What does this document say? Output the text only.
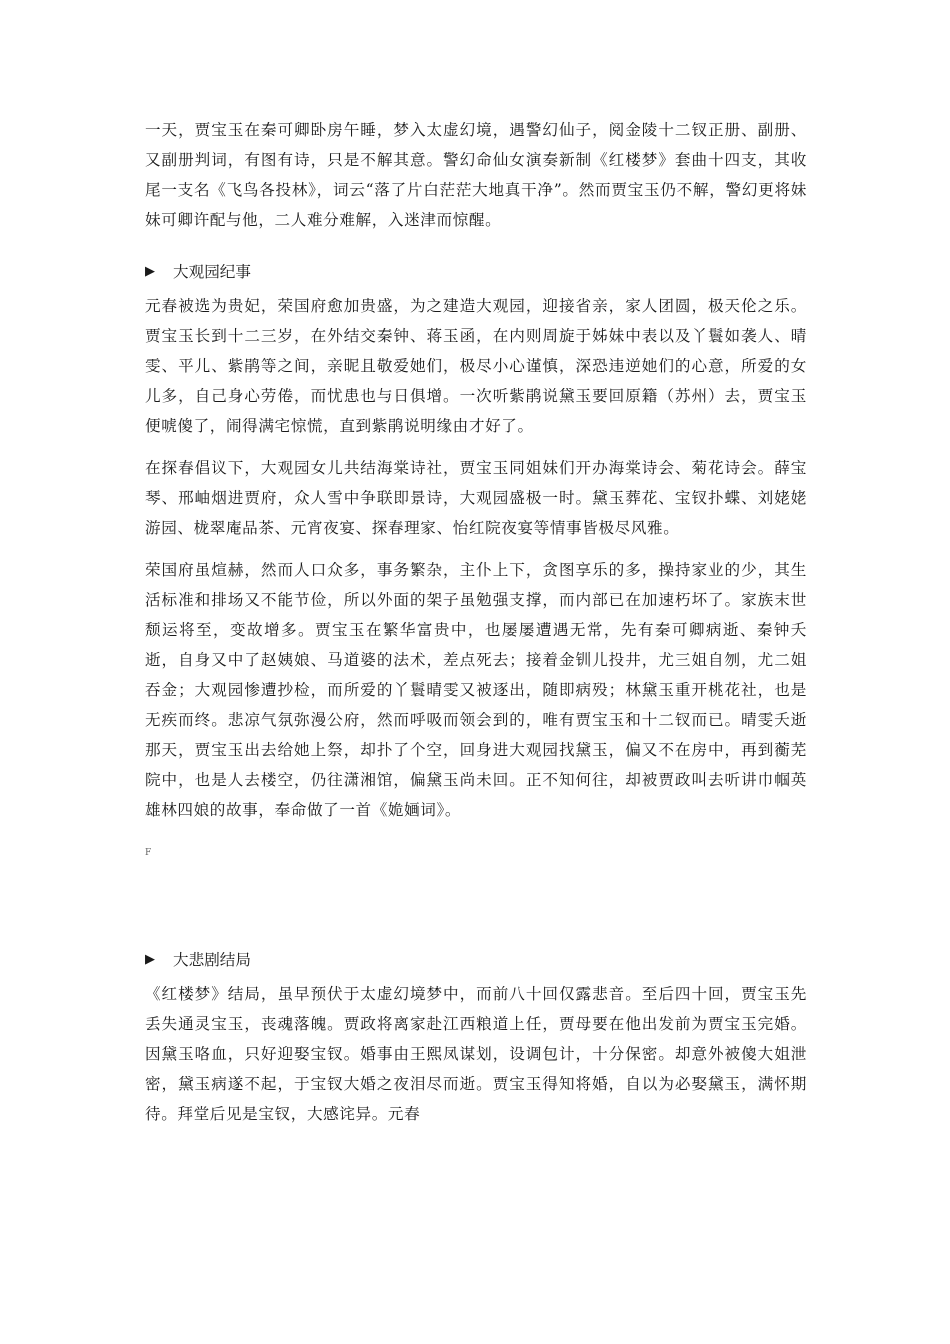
一天，贾宝玉在秦可卿卧房午睡，梦入太虚幻境，遇警幻仙子，阅金陵十二钗正册、副册、又副册判词，有图有诗，只是不解其意。警幻命仙女演奏新制《红楼梦》套曲十四支，其收尾一支名《飞鸟各投林》，词云“落了片白茫茫大地真干净”。然而贾宝玉仍不解，警幻更将妹妹可卿许配与他，二人难分难解，入迷津而惊醒。

▶ 大观园纪事

元春被选为贵妃，荣国府愈加贵盛，为之建造大观园，迎接省亲，家人团圆，极天伦之乐。贾宝玉长到十二三岁，在外结交秦钟、蒋玉函，在内则周旋于姊妹中表以及丫鬟如袭人、晴雯、平儿、紫鹃等之间，亲昵且敬爱她们，极尽小心谨慎，深恐违逆她们的心意，所爱的女儿多，自己身心劳倦，而忧患也与日俱增。一次听紫鹃说黛玉要回原籍（苏州）去，贾宝玉便唬傻了，闹得满宅惊慌，直到紫鹃说明缘由才好了。

在探春倡议下，大观园女儿共结海棠诗社，贾宝玉同姐妹们开办海棠诗会、菊花诗会。薛宝琴、邢岫烟进贾府，众人雪中争联即景诗，大观园盛极一时。黛玉葬花、宝钗扑蝶、刘姥姥游园、栊翠庵品茶、元宵夜宴、探春理家、怡红院夜宴等情事皆极尽风雅。

荣国府虽煊赫，然而人口众多，事务繁杂，主仆上下，贪图享乐的多，操持家业的少，其生活标准和排场又不能节俭，所以外面的架子虽勉强支撑，而内部已在加速朽坏了。家族末世颓运将至，变故增多。贾宝玉在繁华富贵中，也屡屡遭遇无常，先有秦可卿病逝、秦钟夭逝，自身又中了赵姨娘、马道婆的法术，差点死去；接着金钏儿投井，尤三姐自刎，尤二姐吞金；大观园惨遭抄检，而所爱的丫鬟晴雯又被逐出，随即病殁；林黛玉重开桃花社，也是无疾而终。悲凉气氛弥漫公府，然而呼吸而领会到的，唯有贾宝玉和十二钗而已。晴雯夭逝那天，贾宝玉出去给她上祭，却扑了个空，回身进大观园找黛玉，偏又不在房中，再到蘅芜院中，也是人去楼空，仍往潇湘馆，偏黛玉尚未回。正不知何往，却被贾政叫去听讲巾帼英雄林四娘的故事，奉命做了一首《姽婳词》。

F
▶ 大悲剧结局

《红楼梦》结局，虽早预伏于太虚幻境梦中，而前八十回仅露悲音。至后四十回，贾宝玉先丢失通灵宝玉，丧魂落魄。贾政将离家赴江西粮道上任，贾母要在他出发前为贾宝玉完婚。因黛玉咯血，只好迎娶宝钗。婚事由王熙凤谋划，设调包计，十分保密。却意外被傻大姐泄密，黛玉病遂不起，于宝钗大婚之夜泪尽而逝。贾宝玉得知将婚，自以为必娶黛玉，满怀期待。拜堂后见是宝钗，大感诧异。元春
